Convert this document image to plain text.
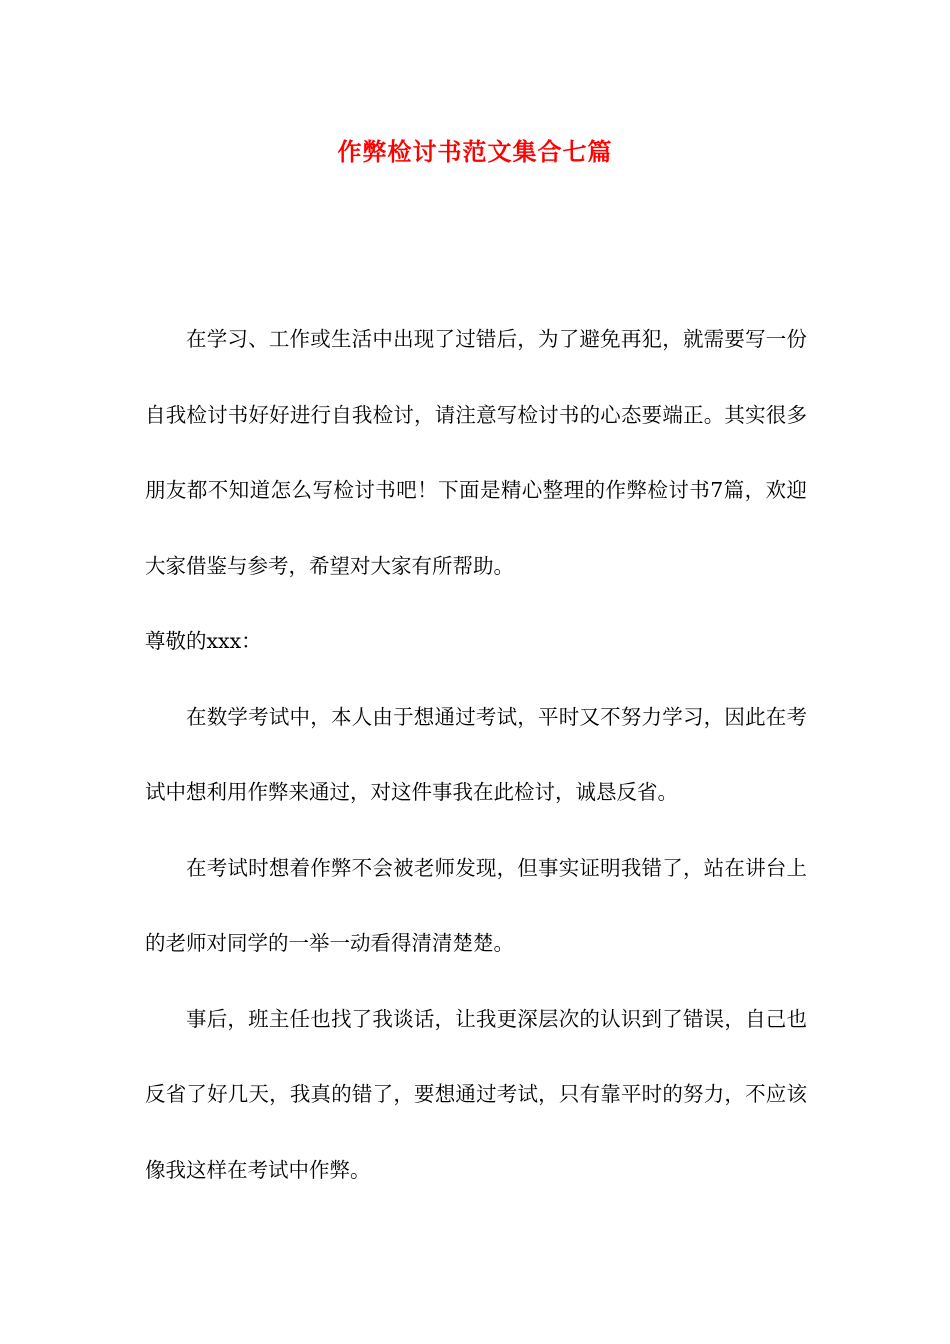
作弊检讨书范文集合七篇

在学习、工作或生活中出现了过错后，为了避免再犯，就需要写一份自我检讨书好好进行自我检讨，请注意写检讨书的心态要端正。其实很多朋友都不知道怎么写检讨书吧！下面是精心整理的作弊检讨书7篇，欢迎大家借鉴与参考，希望对大家有所帮助。

尊敬的xxx：

在数学考试中，本人由于想通过考试，平时又不努力学习，因此在考试中想利用作弊来通过，对这件事我在此检讨，诚恳反省。

在考试时想着作弊不会被老师发现，但事实证明我错了，站在讲台上的老师对同学的一举一动看得清清楚楚。

事后，班主任也找了我谈话，让我更深层次的认识到了错误，自己也反省了好几天，我真的错了，要想通过考试，只有靠平时的努力，不应该像我这样在考试中作弊。
